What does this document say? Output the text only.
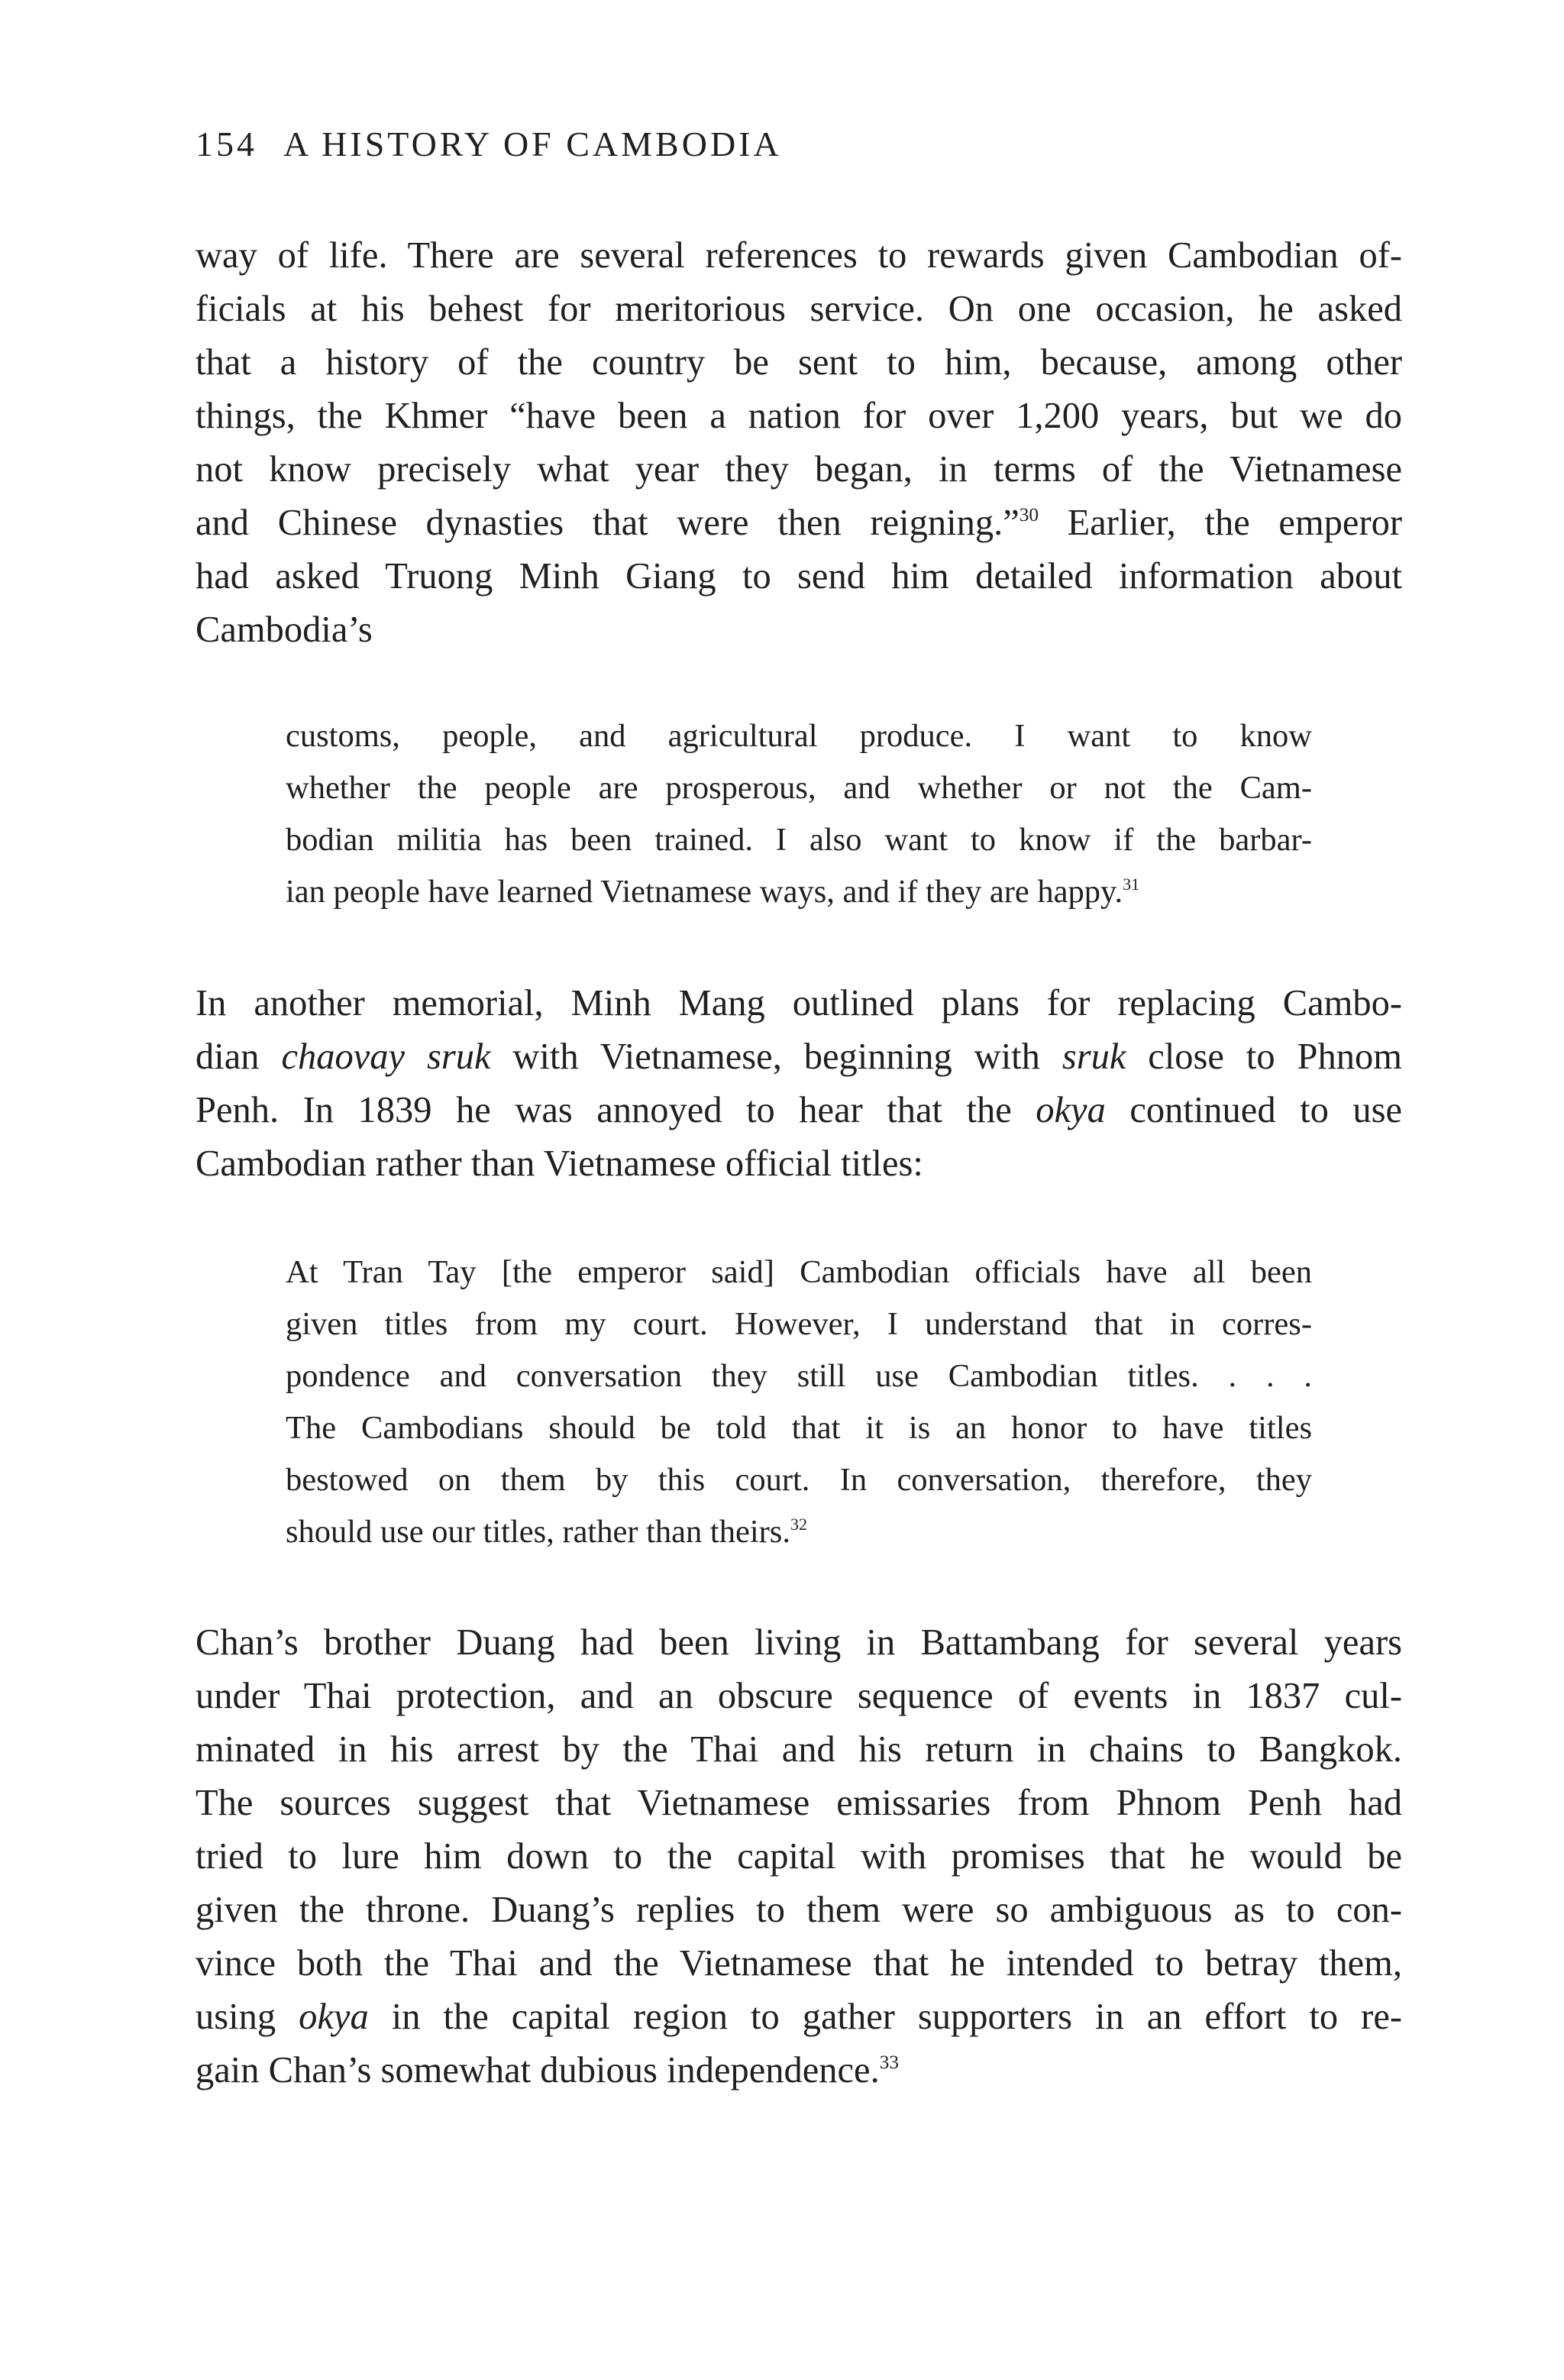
154 A HISTORY OF CAMBODIA
way of life. There are several references to rewards given Cambodian of-
ficials at his behest for meritorious service. On one occasion, he asked
that a history of the country be sent to him, because, among other
things, the Khmer “have been a nation for over 1,200 years, but we do
not know precisely what year they began, in terms of the Vietnamese
and Chinese dynasties that were then reigning.”$^{30}$ Earlier, the emperor
had asked Truong Minh Giang to send him detailed information about
Cambodia’s
customs, people, and agricultural produce. I want to know
whether the people are prosperous, and whether or not the Cam-
bodian militia has been trained. I also want to know if the barbar-
ian people have learned Vietnamese ways, and if they are happy.$^{31}$
In another memorial, Minh Mang outlined plans for replacing Cambo-
dian chaovay sruk with Vietnamese, beginning with sruk close to Phnom
Penh. In 1839 he was annoyed to hear that the okya continued to use
Cambodian rather than Vietnamese official titles:
At Tran Tay [the emperor said] Cambodian officials have all been
given titles from my court. However, I understand that in corres-
pondence and conversation they still use Cambodian titles. . . .
The Cambodians should be told that it is an honor to have titles
bestowed on them by this court. In conversation, therefore, they
should use our titles, rather than theirs.$^{32}$
Chan’s brother Duang had been living in Battambang for several years
under Thai protection, and an obscure sequence of events in 1837 cul-
minated in his arrest by the Thai and his return in chains to Bangkok.
The sources suggest that Vietnamese emissaries from Phnom Penh had
tried to lure him down to the capital with promises that he would be
given the throne. Duang’s replies to them were so ambiguous as to con-
vince both the Thai and the Vietnamese that he intended to betray them,
using okya in the capital region to gather supporters in an effort to re-
gain Chan’s somewhat dubious independence.$^{33}$
